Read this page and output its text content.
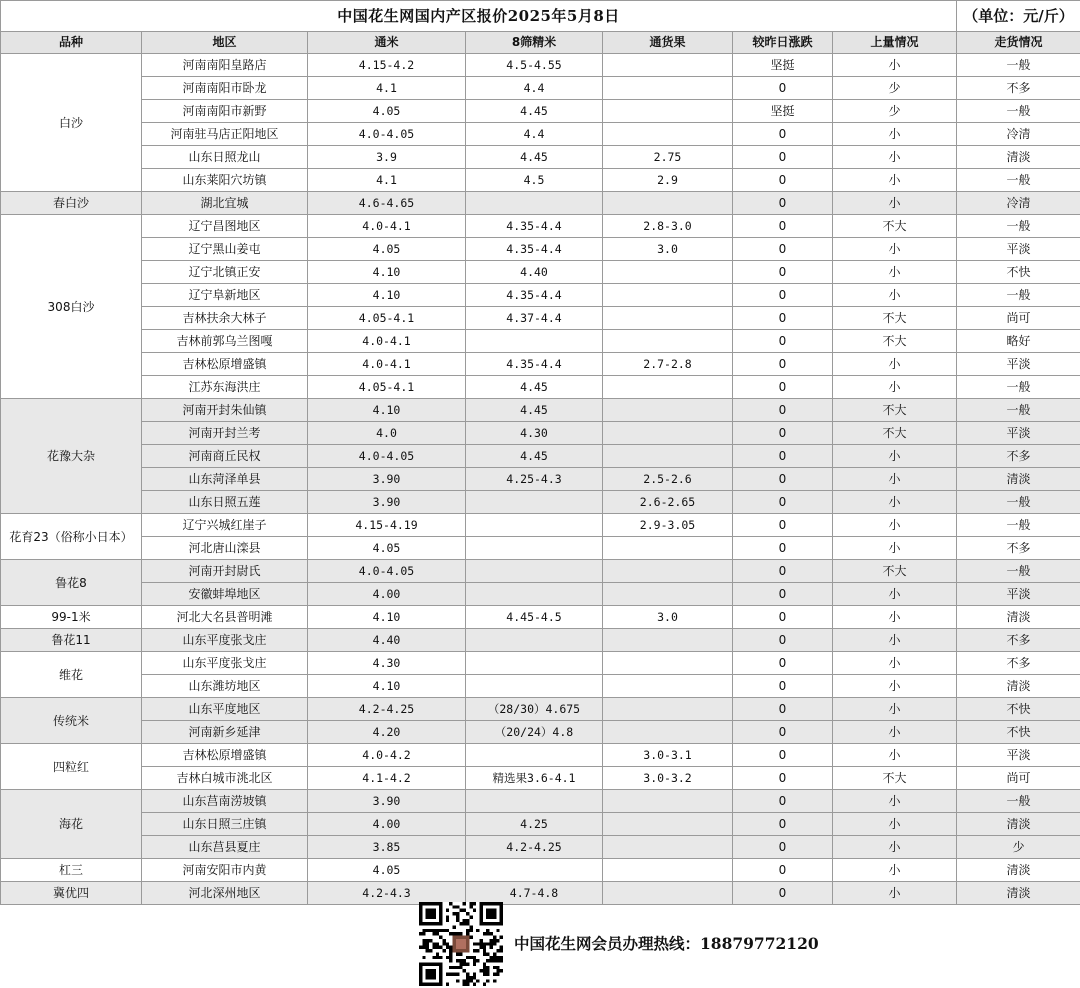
中国花生网国内产区报价2025年5月8日							（单位：元/斤）
品种	地区	通米	8筛精米	通货果	较昨日涨跌	上量情况	走货情况
白沙	河南南阳皇路店	4.15-4.2	4.5-4.55		坚挺	小	一般
	河南南阳市卧龙	4.1	4.4		0	少	不多
	河南南阳市新野	4.05	4.45		坚挺	少	一般
	河南驻马店正阳地区	4.0-4.05	4.4		0	小	冷清
	山东日照龙山	3.9	4.45	2.75	0	小	清淡
	山东莱阳穴坊镇	4.1	4.5	2.9	0	小	一般
春白沙	湖北宜城	4.6-4.65			0	小	冷清
308白沙	辽宁昌图地区	4.0-4.1	4.35-4.4	2.8-3.0	0	不大	一般
	辽宁黑山姜屯	4.05	4.35-4.4	3.0	0	小	平淡
	辽宁北镇正安	4.10	4.40		0	小	不快
	辽宁阜新地区	4.10	4.35-4.4		0	小	一般
	吉林扶余大林子	4.05-4.1	4.37-4.4		0	不大	尚可
	吉林前郭乌兰图嘎	4.0-4.1			0	不大	略好
	吉林松原增盛镇	4.0-4.1	4.35-4.4	2.7-2.8	0	小	平淡
	江苏东海洪庄	4.05-4.1	4.45		0	小	一般
花豫大杂	河南开封朱仙镇	4.10	4.45		0	不大	一般
	河南开封兰考	4.0	4.30		0	不大	平淡
	河南商丘民权	4.0-4.05	4.45		0	小	不多
	山东菏泽单县	3.90	4.25-4.3	2.5-2.6	0	小	清淡
	山东日照五莲	3.90		2.6-2.65	0	小	一般
花育23（俗称小日本）	辽宁兴城红崖子	4.15-4.19		2.9-3.05	0	小	一般
	河北唐山滦县	4.05			0	小	不多
鲁花8	河南开封尉氏	4.0-4.05			0	不大	一般
	安徽蚌埠地区	4.00			0	小	平淡
99-1米	河北大名县普明滩	4.10	4.45-4.5	3.0	0	小	清淡
鲁花11	山东平度张戈庄	4.40			0	小	不多
维花	山东平度张戈庄	4.30			0	小	不多
	山东潍坊地区	4.10			0	小	清淡
传统米	山东平度地区	4.2-4.25	（28/30）4.675		0	小	不快
	河南新乡延津	4.20	（20/24）4.8		0	小	不快
四粒红	吉林松原增盛镇	4.0-4.2		3.0-3.1	0	小	平淡
	吉林白城市洮北区	4.1-4.2	精选果3.6-4.1	3.0-3.2	0	不大	尚可
海花	山东莒南涝坡镇	3.90			0	小	一般
	山东日照三庄镇	4.00	4.25		0	小	清淡
	山东莒县夏庄	3.85	4.2-4.25		0	小	少
杠三	河南安阳市内黄	4.05			0	小	清淡
冀优四	河北深州地区	4.2-4.3	4.7-4.8		0	小	清淡
中国花生网会员办理热线：18879772120
